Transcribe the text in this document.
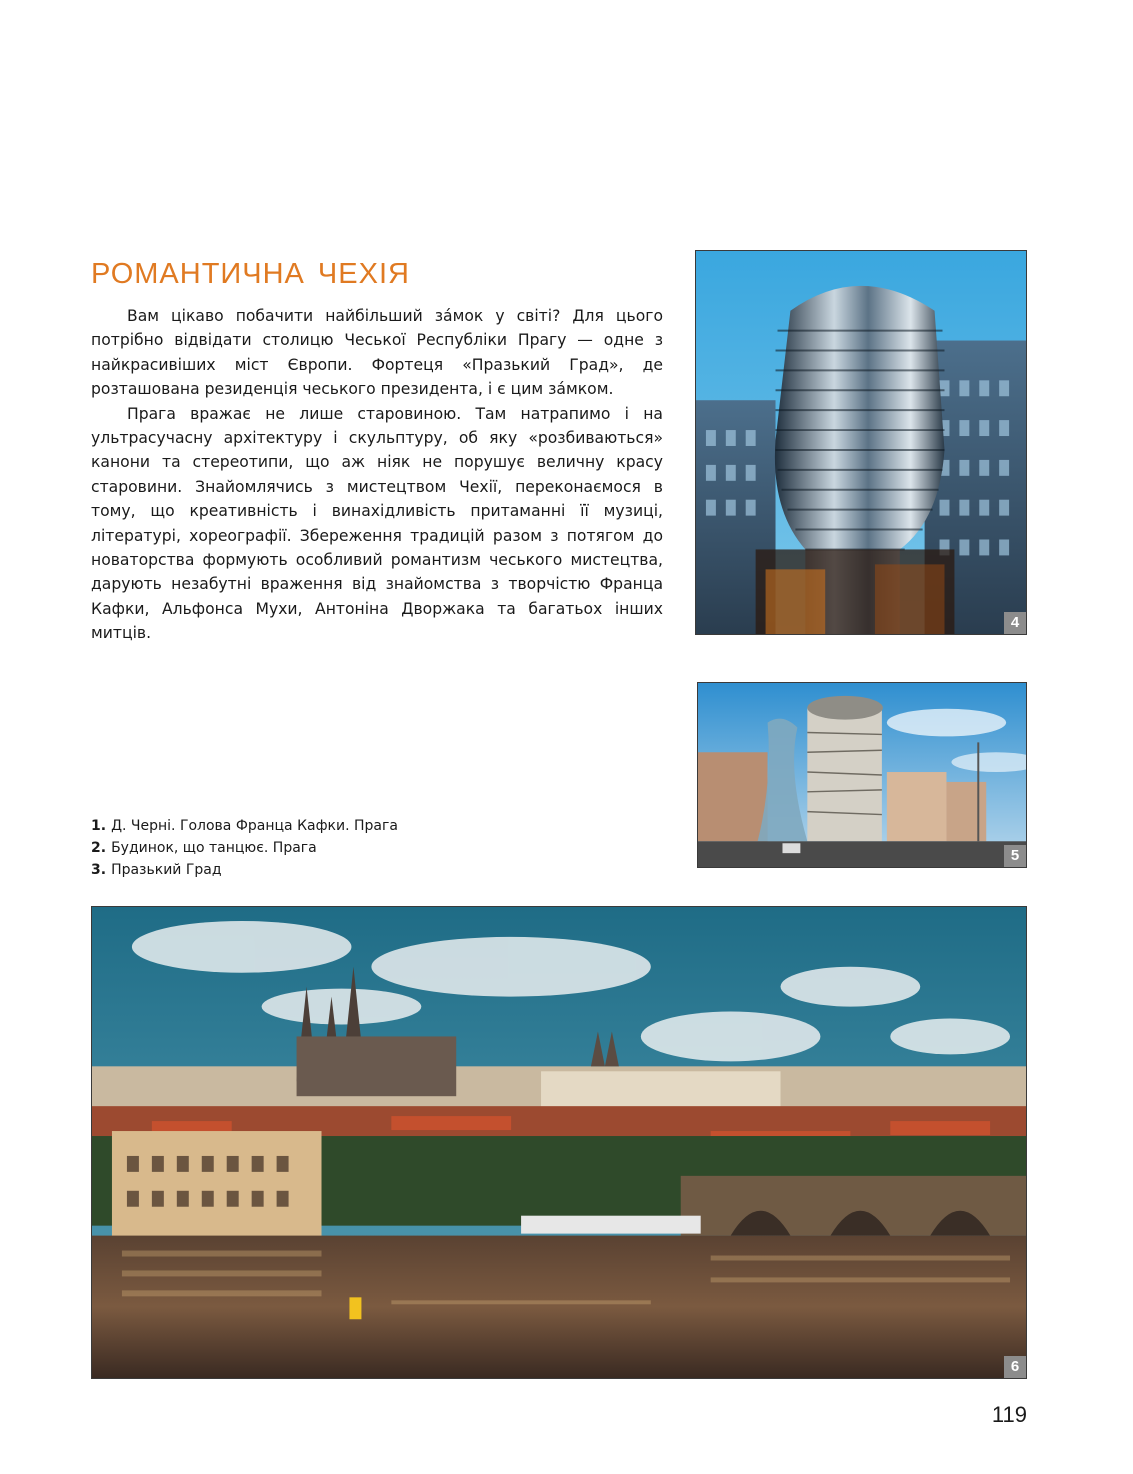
РОМАНТИЧНА ЧЕХІЯ

Вам цікаво побачити найбільший за́мок у світі? Для цього потрібно відвідати столицю Чеської Республіки Прагу — одне з найкрасивіших міст Європи. Фортеця «Празький Град», де розташована резиденція чеського президента, і є цим за́мком.

Прага вражає не лише старовиною. Там натрапимо і на ультрасучасну архітектуру і скульптуру, об яку «розбиваються» канони та стереотипи, що аж ніяк не порушує величну красу старовини. Знайомлячись з мистецтвом Чехії, переконаємося в тому, що креативність і винахідливість притаманні її музиці, літературі, хореографії. Збереження традицій разом з потягом до новаторства формують особливий романтизм чеського мистецтва, дарують незабутні враження від знайомства з творчістю Франца Кафки, Альфонса Мухи, Антоніна Дворжака та багатьох інших митців.

4
5
1. Д. Черні. Голова Франца Кафки. Прага
2. Будинок, що танцює. Прага
3. Празький Град
6
119
